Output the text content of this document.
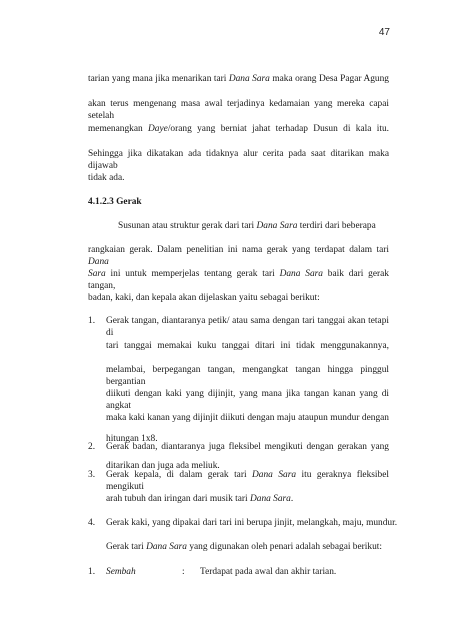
47
tarian yang mana jika menarikan tari Dana Sara maka orang Desa Pagar Agung
akan terus mengenang masa awal terjadinya kedamaian yang mereka capai setelah
memenangkan Daye/orang yang berniat jahat terhadap Dusun di kala itu.
Sehingga jika dikatakan ada tidaknya alur cerita pada saat ditarikan maka dijawab
tidak ada.
4.1.2.3 Gerak
Susunan atau struktur gerak dari tari Dana Sara terdiri dari beberapa
rangkaian gerak. Dalam penelitian ini nama gerak yang terdapat dalam tari Dana
Sara ini untuk memperjelas tentang gerak tari Dana Sara baik dari gerak tangan,
badan, kaki, dan kepala akan dijelaskan yaitu sebagai berikut:
1. Gerak tangan, diantaranya petik/ atau sama dengan tari tanggai akan tetapi di
tari tanggai memakai kuku tanggai ditari ini tidak menggunakannya,
melambai, berpegangan tangan, mengangkat tangan hingga pinggul bergantian
diikuti dengan kaki yang dijinjit, yang mana jika tangan kanan yang di angkat
maka kaki kanan yang dijinjit diikuti dengan maju ataupun mundur dengan
hitungan 1x8.
2. Gerak badan, diantaranya juga fleksibel mengikuti dengan gerakan yang
ditarikan dan juga ada meliuk.
3. Gerak kepala, di dalam gerak tari Dana Sara itu geraknya fleksibel mengikuti
arah tubuh dan iringan dari musik tari Dana Sara.
4. Gerak kaki, yang dipakai dari tari ini berupa jinjit, melangkah, maju, mundur.
Gerak tari Dana Sara yang digunakan oleh penari adalah sebagai berikut:
1. Sembah	: Terdapat pada awal dan akhir tarian.
